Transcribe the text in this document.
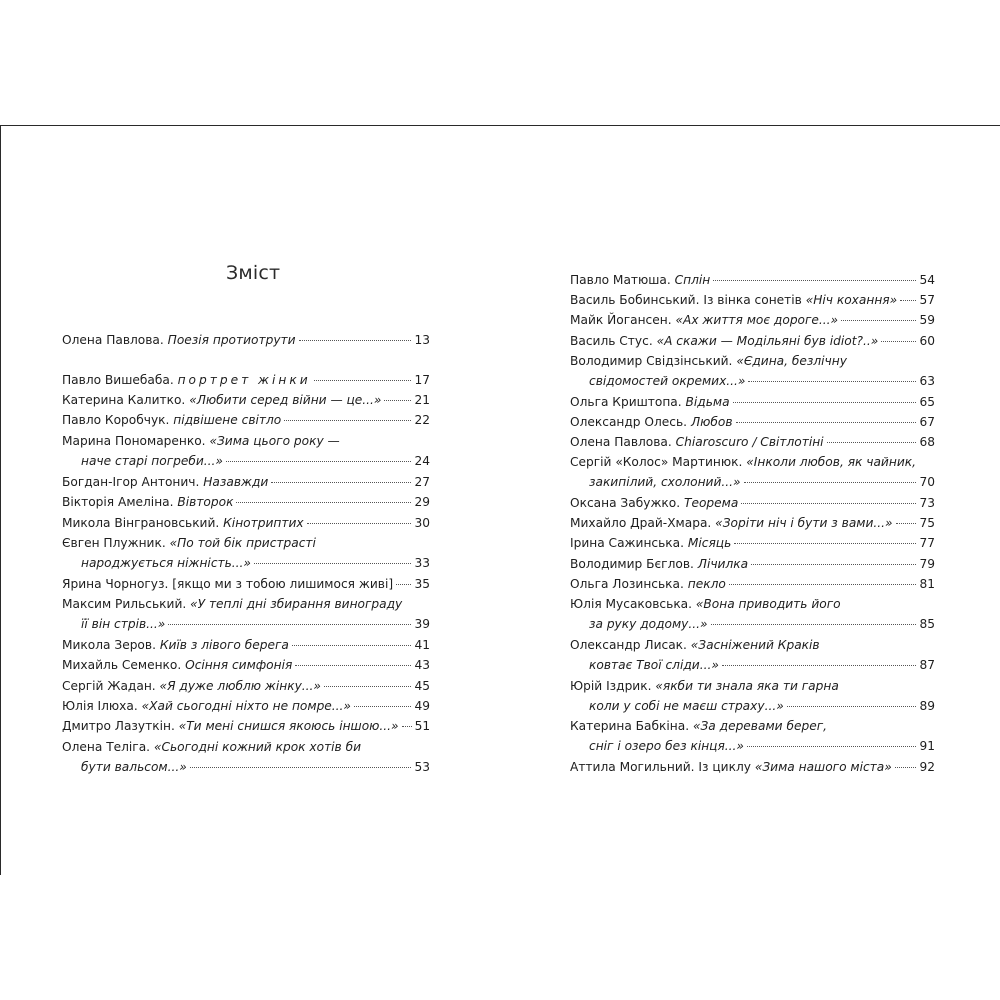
Зміст
Олена Павлова. Поезія протиотрути	13
Павло Вишебаба. портрет жінки	17
Катерина Калитко. «Любити серед війни — це...»	21
Павло Коробчук. підвішене світло	22
Марина Пономаренко. «Зима цього року —
наче старі погреби...»	24
Богдан-Ігор Антонич. Назавжди	27
Вікторія Амеліна. Вівторок	29
Микола Вінграновський. Кінотриптих	30
Євген Плужник. «По той бік пристрасті
народжується ніжність...»	33
Ярина Чорногуз. [якщо ми з тобою лишимося живі] 35
Максим Рильський. «У теплі дні збирання винограду
її він стрів...»	39
Микола Зеров. Київ з лівого берега	41
Михайль Семенко. Осіння симфонія	43
Сергій Жадан. «Я дуже люблю жінку...»	45
Юлія Ілюха. «Хай сьогодні ніхто не помре...»	49
Дмитро Лазуткін. «Ти мені снишся якоюсь іншою...» 51
Олена Теліга. «Сьогодні кожний крок хотів би
бути вальсом...»	53
Павло Матюша. Сплін	54
Василь Бобинський. Із вінка сонетів «Ніч кохання» 57
Майк Йогансен. «Ах життя моє дороге...»	59
Василь Стус. «А скажи — Модільяні був idiot?..»	60
Володимир Свідзінський. «Єдина, безлічну
свідомостей окремих...»	63
Ольга Криштопа. Відьма	65
Олександр Олесь. Любов	67
Олена Павлова. Chiaroscuro / Світлотіні	68
Сергій «Колос» Мартинюк. «Інколи любов, як чайник,
закипілий, схолоний...»	70
Оксана Забужко. Теорема	73
Михайло Драй-Хмара. «Зорiти ніч і бути з вами...» 75
Ірина Сажинська. Місяць	77
Володимир Бєглов. Лічилка	79
Ольга Лозинська. пекло	81
Юлія Мусаковська. «Вона приводить його
за руку додому...»	85
Олександр Лисак. «Засніжений Краків
ковтає Твої сліди...»	87
Юрій Іздрик. «якби ти знала яка ти гарна
коли у собі не маєш страху...»	89
Катерина Бабкіна. «За деревами берег,
сніг і озеро без кінця...»	91
Аттила Могильний. Із циклу «Зима нашого міста» 92
